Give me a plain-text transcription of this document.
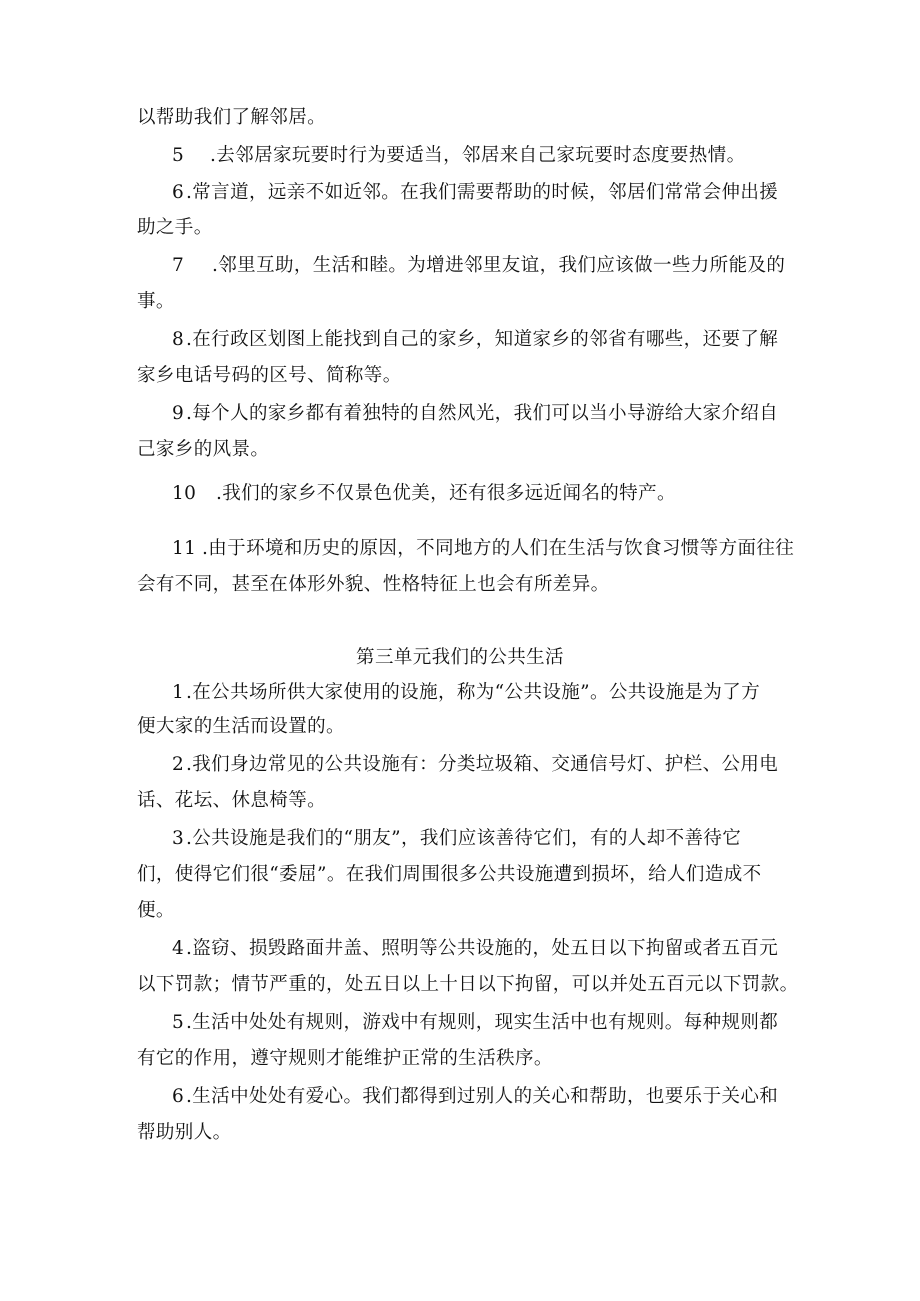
以帮助我们了解邻居。
5 .去邻居家玩要时行为要适当，邻居来自己家玩要时态度要热情。
6.常言道，远亲不如近邻。在我们需要帮助的时候，邻居们常常会伸出援
助之手。
7 .邻里互助，生活和睦。为增进邻里友谊，我们应该做一些力所能及的
事。
8.在行政区划图上能找到自己的家乡，知道家乡的邻省有哪些，还要了解
家乡电话号码的区号、简称等。
9.每个人的家乡都有着独特的自然风光，我们可以当小导游给大家介绍自
己家乡的风景。
10 .我们的家乡不仅景色优美，还有很多远近闻名的特产。
11 .由于环境和历史的原因，不同地方的人们在生活与饮食习惯等方面往往
会有不同，甚至在体形外貌、性格特征上也会有所差异。
第三单元我们的公共生活
1.在公共场所供大家使用的设施，称为“公共设施”。公共设施是为了方
便大家的生活而设置的。
2.我们身边常见的公共设施有：分类垃圾箱、交通信号灯、护栏、公用电
话、花坛、休息椅等。
3.公共设施是我们的“朋友”，我们应该善待它们，有的人却不善待它
们，使得它们很“委屈”。在我们周围很多公共设施遭到损坏，给人们造成不
便。
4.盗窃、损毁路面井盖、照明等公共设施的，处五日以下拘留或者五百元
以下罚款；情节严重的，处五日以上十日以下拘留，可以并处五百元以下罚款。
5.生活中处处有规则，游戏中有规则，现实生活中也有规则。每种规则都
有它的作用，遵守规则才能维护正常的生活秩序。
6.生活中处处有爱心。我们都得到过别人的关心和帮助，也要乐于关心和
帮助别人。
